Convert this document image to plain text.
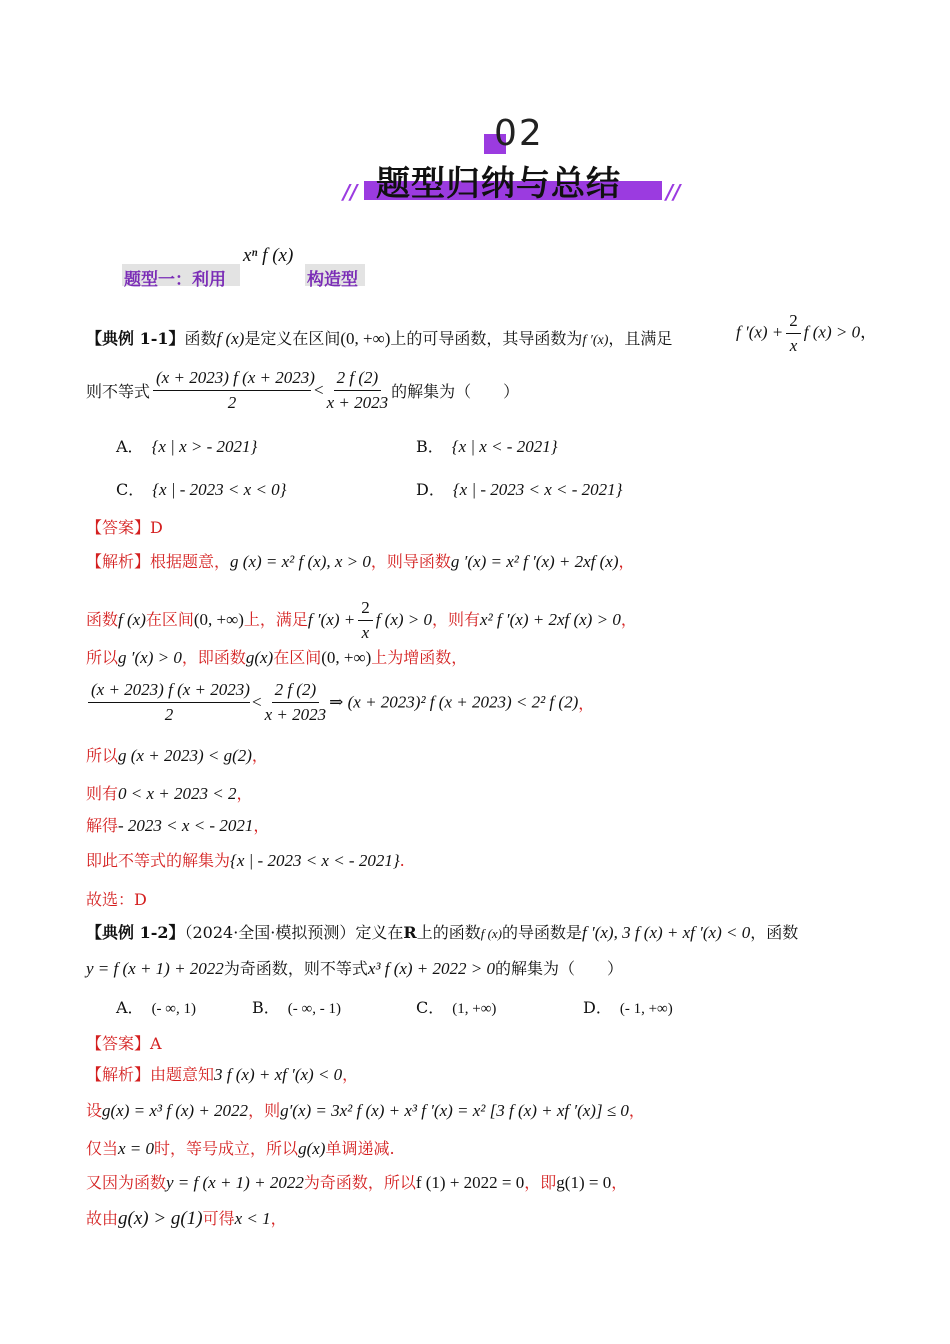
02
题型归纳与总结
//	//
题型一：利用
xⁿ f (x)
构造型
【典例 1-1】函数f (x)是定义在区间(0, +∞)上的可导函数，其导函数为f ′(x)，且满足	f $'(x) + \frac{2}{x}$ f (x) > 0，
则不等式 $\frac{(x + 2023) f (x + 2023)}{2} < \frac{2 f (2)}{x + 2023}$ 的解集为（　　）
A． {x | x > - 2021}	B． {x | x < - 2021}
C． {x | - 2023 < x < 0}	D． {x | - 2023 < x < - 2021}
【答案】D
【解析】根据题意，g (x) = x² f (x), x > 0，则导函数g ′(x) = x² f ′(x) + 2xf (x)，
函数f (x)在区间(0, +∞)上，满足f $'(x) + \frac{2}{x}$ f (x) > 0，则有x² f ′(x) + 2xf (x) > 0，
所以g ′(x) > 0，即函数g(x)在区间(0, +∞)上为增函数，
$\frac{(x + 2023) f (x + 2023)}{2} < \frac{2 f (2)}{x + 2023}$ ⇒ (x + 2023)² f (x + 2023) < 2² f (2)，
所以g (x + 2023) < g(2)，
则有0 < x + 2023 < 2，
解得- 2023 < x < - 2021，
即此不等式的解集为{x | - 2023 < x < - 2021}.
故选：D
【典例 1-2】（2024·全国·模拟预测）定义在R上的函数f (x)的导函数是f ′(x), 3 f (x) + xf ′(x) < 0，函数
y = f (x + 1) + 2022为奇函数，则不等式x³ f (x) + 2022 > 0的解集为（　　）
A． (- ∞, 1)	B． (- ∞, - 1)	C． (1, +∞)	D． (- 1, +∞)
【答案】A
【解析】由题意知3 f (x) + xf ′(x) < 0，
设g(x) = x³ f (x) + 2022，则g′(x) = 3x² f (x) + x³ f ′(x) = x² [3 f (x) + xf ′(x)] ≤ 0，
仅当x = 0时，等号成立，所以g(x)单调递减.
又因为函数y = f (x + 1) + 2022为奇函数，所以f (1) + 2022 = 0，即g(1) = 0，
故由g(x) > g(1)可得x < 1，
